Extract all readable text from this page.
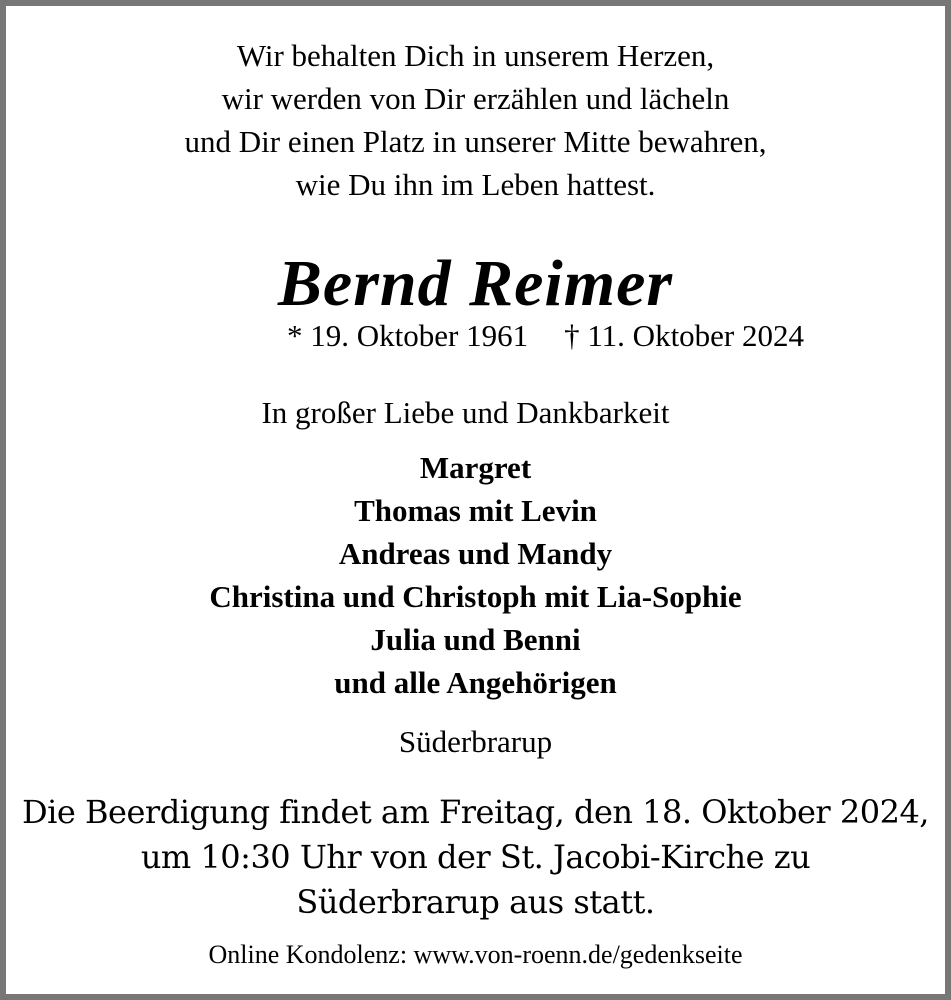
Wir behalten Dich in unserem Herzen,
wir werden von Dir erzählen und lächeln
und Dir einen Platz in unserer Mitte bewahren,
wie Du ihn im Leben hattest.
Bernd Reimer
* 19. Oktober 1961 † 11. Oktober 2024
In großer Liebe und Dankbarkeit
Margret
Thomas mit Levin
Andreas und Mandy
Christina und Christoph mit Lia-Sophie
Julia und Benni
und alle Angehörigen
Süderbrarup
Die Beerdigung findet am Freitag, den 18. Oktober 2024,
um 10:30 Uhr von der St. Jacobi-Kirche zu
Süderbrarup aus statt.
Online Kondolenz: www.von-roenn.de/gedenkseite
